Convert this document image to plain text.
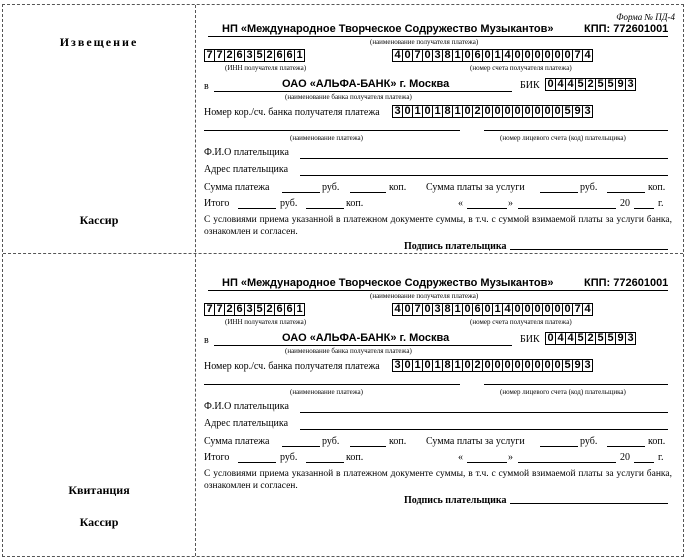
Извещение
Кассир
Квитанция
Кассир
Форма № ПД-4
НП «Международное Творческое Содружество Музыкантов»	КПП: 772601001
(наименование получателя платежа)
7 7 2 6 3 5 2 6 6 1	4 0 7 0 3 8 1 0 6 0 1 4 0 0 0 0 0 0 7 4
(ИНН получателя платежа)	(номер счета получателя платежа)
в	ОАО «АЛЬФА-БАНК» г. Москва
(наименование банка получателя платежа)
БИК 0 4 4 5 2 5 5 9 3
Номер кор./сч. банка получателя платежа 3 0 1 0 1 8 1 0 2 0 0 0 0 0 0 0 0 5 9 3
(наименование платежа)	(номер лицевого счета (код) плательщика)
Ф.И.О плательщика
Адрес плательщика
Сумма платежа	руб.	коп. Сумма платы за услуги	руб.	коп.
Итого	руб.	коп.	«	»	20	г.
С условиями приема указанной в платежном документе суммы, в т.ч. с суммой взимаемой платы за услуги банка, ознакомлен и согласен.
Подпись плательщика
НП «Международное Творческое Содружество Музыкантов»	КПП: 772601001
(наименование получателя платежа)
7 7 2 6 3 5 2 6 6 1	4 0 7 0 3 8 1 0 6 0 1 4 0 0 0 0 0 0 7 4
(ИНН получателя платежа)	(номер счета получателя платежа)
в	ОАО «АЛЬФА-БАНК» г. Москва
(наименование банка получателя платежа)
БИК 0 4 4 5 2 5 5 9 3
Номер кор./сч. банка получателя платежа 3 0 1 0 1 8 1 0 2 0 0 0 0 0 0 0 0 5 9 3
(наименование платежа)	(номер лицевого счета (код) плательщика)
Ф.И.О плательщика
Адрес плательщика
Сумма платежа	руб.	коп. Сумма платы за услуги	руб.	коп.
Итого	руб.	коп.	«	»	20	г.
С условиями приема указанной в платежном документе суммы, в т.ч. с суммой взимаемой платы за услуги банка, ознакомлен и согласен.
Подпись плательщика
